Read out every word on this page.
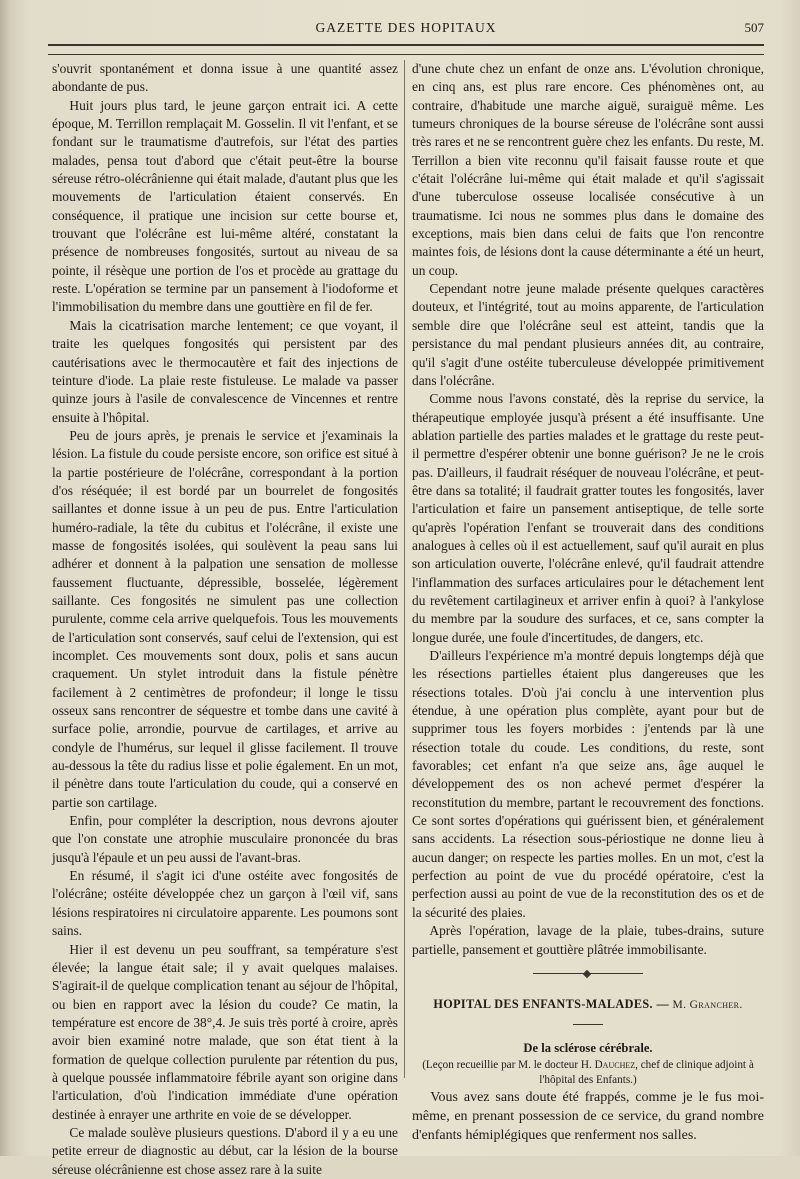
GAZETTE DES HOPITAUX	507

s'ouvrit spontanément et donna issue à une quantité assez abondante de pus.

Huit jours plus tard, le jeune garçon entrait ici. A cette époque, M. Terrillon remplaçait M. Gosselin. Il vit l'enfant, et se fondant sur le traumatisme d'autrefois, sur l'état des parties malades, pensa tout d'abord que c'était peut-être la bourse séreuse rétro-olécrânienne qui était malade, d'autant plus que les mouvements de l'articulation étaient conservés. En conséquence, il pratique une incision sur cette bourse et, trouvant que l'olécrâne est lui-même altéré, constatant la présence de nombreuses fongosités, surtout au niveau de sa pointe, il résèque une portion de l'os et procède au grattage du reste. L'opération se termine par un pansement à l'iodoforme et l'immobilisation du membre dans une gouttière en fil de fer.

Mais la cicatrisation marche lentement; ce que voyant, il traite les quelques fongosités qui persistent par des cautérisations avec le thermocautère et fait des injections de teinture d'iode. La plaie reste fistuleuse. Le malade va passer quinze jours à l'asile de convalescence de Vincennes et rentre ensuite à l'hôpital.

Peu de jours après, je prenais le service et j'examinais la lésion. La fistule du coude persiste encore, son orifice est situé à la partie postérieure de l'olécrâne, correspondant à la portion d'os réséquée; il est bordé par un bourrelet de fongosités saillantes et donne issue à un peu de pus. Entre l'articulation huméro-radiale, la tête du cubitus et l'olécrâne, il existe une masse de fongosités isolées, qui soulèvent la peau sans lui adhérer et donnent à la palpation une sensation de mollesse faussement fluctuante, dépressible, bosselée, légèrement saillante. Ces fongosités ne simulent pas une collection purulente, comme cela arrive quelquefois. Tous les mouvements de l'articulation sont conservés, sauf celui de l'extension, qui est incomplet. Ces mouvements sont doux, polis et sans aucun craquement. Un stylet introduit dans la fistule pénètre facilement à 2 centimètres de profondeur; il longe le tissu osseux sans rencontrer de séquestre et tombe dans une cavité à surface polie, arrondie, pourvue de cartilages, et arrive au condyle de l'humérus, sur lequel il glisse facilement. Il trouve au-dessous la tête du radius lisse et polie également. En un mot, il pénètre dans toute l'articulation du coude, qui a conservé en partie son cartilage.

Enfin, pour compléter la description, nous devrons ajouter que l'on constate une atrophie musculaire prononcée du bras jusqu'à l'épaule et un peu aussi de l'avant-bras.

En résumé, il s'agit ici d'une ostéite avec fongosités de l'olécrâne; ostéite développée chez un garçon à l'œil vif, sans lésions respiratoires ni circulatoire apparente. Les poumons sont sains.

Hier il est devenu un peu souffrant, sa température s'est élevée; la langue était sale; il y avait quelques malaises. S'agirait-il de quelque complication tenant au séjour de l'hôpital, ou bien en rapport avec la lésion du coude? Ce matin, la température est encore de 38°,4. Je suis très porté à croire, après avoir bien examiné notre malade, que son état tient à la formation de quelque collection purulente par rétention du pus, à quelque poussée inflammatoire fébrile ayant son origine dans l'articulation, d'où l'indication immédiate d'une opération destinée à enrayer une arthrite en voie de se développer.

Ce malade soulève plusieurs questions. D'abord il y a eu une petite erreur de diagnostic au début, car la lésion de la bourse séreuse olécrânienne est chose assez rare à la suite

d'une chute chez un enfant de onze ans. L'évolution chronique, en cinq ans, est plus rare encore. Ces phénomènes ont, au contraire, d'habitude une marche aiguë, suraiguë même. Les tumeurs chroniques de la bourse séreuse de l'olécrâne sont aussi très rares et ne se rencontrent guère chez les enfants. Du reste, M. Terrillon a bien vite reconnu qu'il faisait fausse route et que c'était l'olécrâne lui-même qui était malade et qu'il s'agissait d'une tuberculose osseuse localisée consécutive à un traumatisme. Ici nous ne sommes plus dans le domaine des exceptions, mais bien dans celui de faits que l'on rencontre maintes fois, de lésions dont la cause déterminante a été un heurt, un coup.

Cependant notre jeune malade présente quelques caractères douteux, et l'intégrité, tout au moins apparente, de l'articulation semble dire que l'olécrâne seul est atteint, tandis que la persistance du mal pendant plusieurs années dit, au contraire, qu'il s'agit d'une ostéite tuberculeuse développée primitivement dans l'olécrâne.

Comme nous l'avons constaté, dès la reprise du service, la thérapeutique employée jusqu'à présent a été insuffisante. Une ablation partielle des parties malades et le grattage du reste peut-il permettre d'espérer obtenir une bonne guérison? Je ne le crois pas. D'ailleurs, il faudrait réséquer de nouveau l'olécrâne, et peut-être dans sa totalité; il faudrait gratter toutes les fongosités, laver l'articulation et faire un pansement antiseptique, de telle sorte qu'après l'opération l'enfant se trouverait dans des conditions analogues à celles où il est actuellement, sauf qu'il aurait en plus son articulation ouverte, l'olécrâne enlevé, qu'il faudrait attendre l'inflammation des surfaces articulaires pour le détachement lent du revêtement cartilagineux et arriver enfin à quoi? à l'ankylose du membre par la soudure des surfaces, et ce, sans compter la longue durée, une foule d'incertitudes, de dangers, etc.

D'ailleurs l'expérience m'a montré depuis longtemps déjà que les résections partielles étaient plus dangereuses que les résections totales. D'où j'ai conclu à une intervention plus étendue, à une opération plus complète, ayant pour but de supprimer tous les foyers morbides : j'entends par là une résection totale du coude. Les conditions, du reste, sont favorables; cet enfant n'a que seize ans, âge auquel le développement des os non achevé permet d'espérer la reconstitution du membre, partant le recouvrement des fonctions. Ce sont sortes d'opérations qui guérissent bien, et généralement sans accidents. La résection sous-périostique ne donne lieu à aucun danger; on respecte les parties molles. En un mot, c'est la perfection au point de vue du procédé opératoire, c'est la perfection aussi au point de vue de la reconstitution des os et de la sécurité des plaies.

Après l'opération, lavage de la plaie, tubes-drains, suture partielle, pansement et gouttière plâtrée immobilisante.

HOPITAL DES ENFANTS-MALADES. — M. Grancher.

De la sclérose cérébrale.

(Leçon recueillie par M. le docteur H. Dauchez, chef de clinique adjoint à l'hôpital des Enfants.)

Vous avez sans doute été frappés, comme je le fus moi-même, en prenant possession de ce service, du grand nombre d'enfants hémiplégiques que renferment nos salles.
